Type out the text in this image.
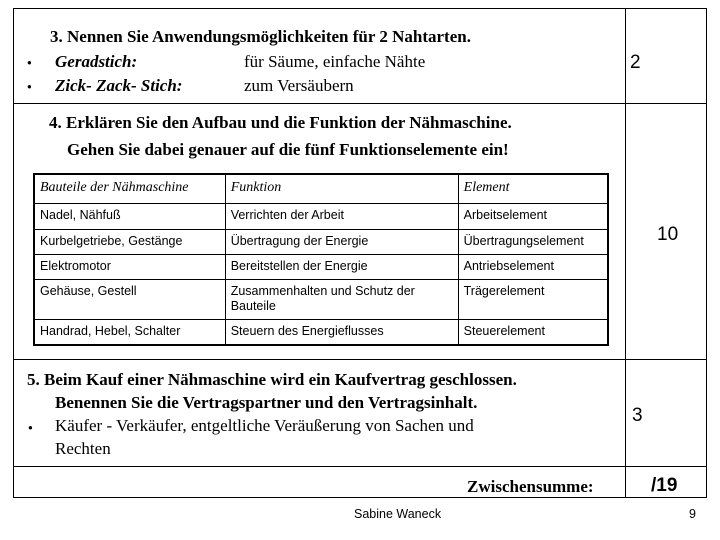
3. Nennen Sie Anwendungsmöglichkeiten für 2 Nahtarten.
● Geradstich:	für Säume, einfache Nähte
● Zick- Zack- Stich:	zum Versäubern
2
4. Erklären Sie den Aufbau und die Funktion der Nähmaschine.
Gehen Sie dabei genauer auf die fünf Funktionselemente ein!
10
Bauteile der Nähmaschine	Funktion	Element
Nadel, Nähfuß	Verrichten der Arbeit	Arbeitselement
Kurbelgetriebe, Gestänge	Übertragung der Energie	Übertragungselement
Elektromotor	Bereitstellen der Energie	Antriebselement
Gehäuse, Gestell	Zusammenhalten und Schutz der Bauteile	Trägerelement
Handrad, Hebel, Schalter	Steuern des Energieflusses	Steuerelement
5. Beim Kauf einer Nähmaschine wird ein Kaufvertrag geschlossen.
Benennen Sie die Vertragspartner und den Vertragsinhalt.
● Käufer - Verkäufer, entgeltliche Veräußerung von Sachen und
Rechten
3
Zwischensumme:	/19
Sabine Waneck	9
